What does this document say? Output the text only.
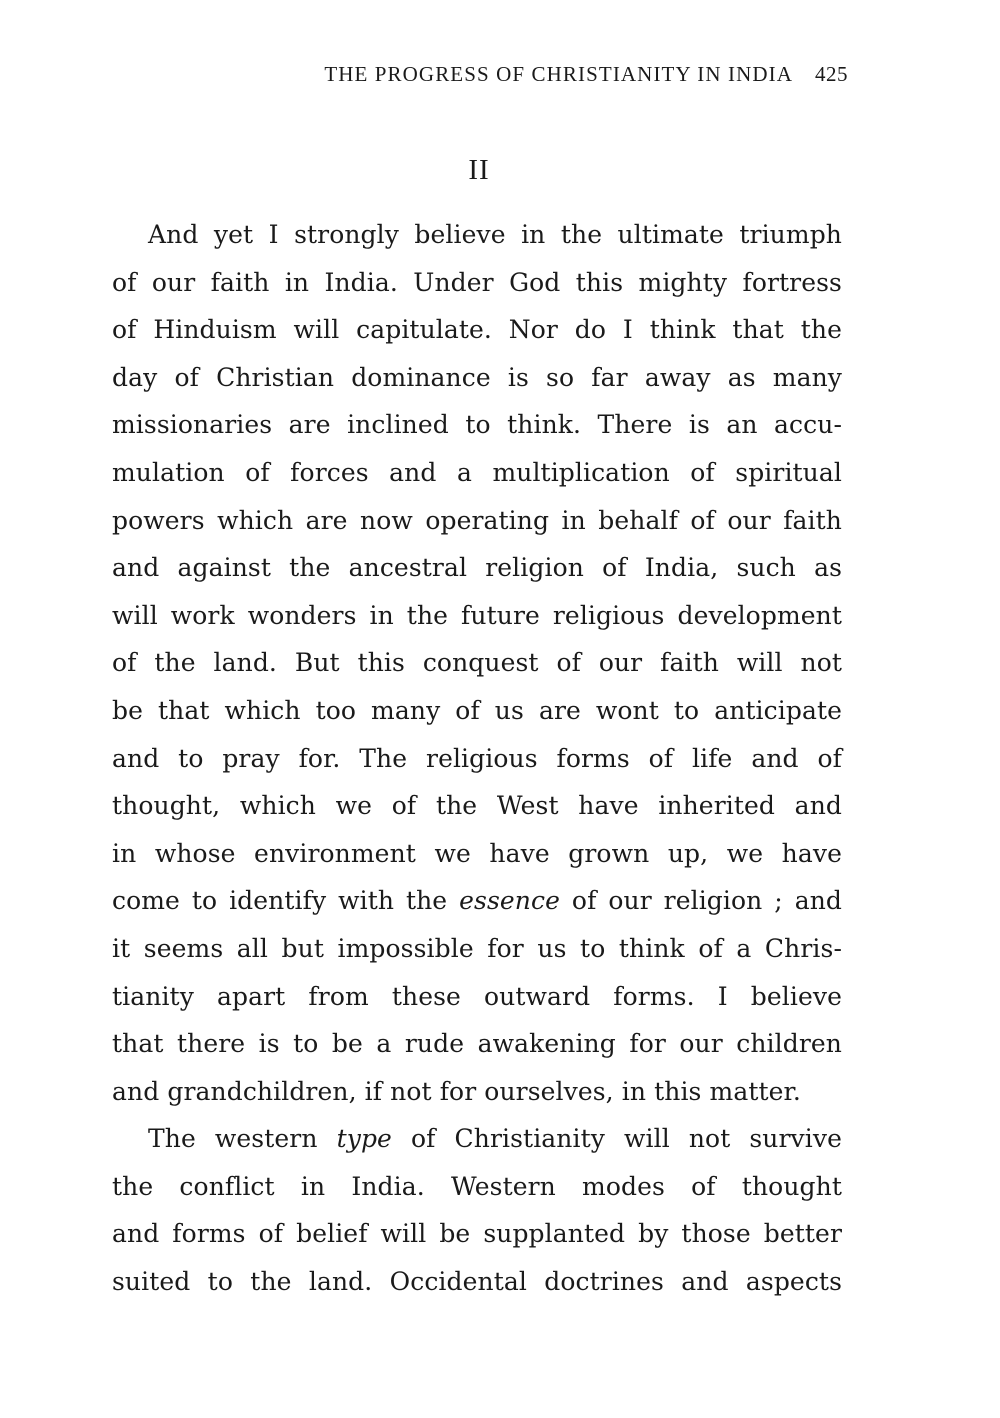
THE PROGRESS OF CHRISTIANITY IN INDIA 425
II
And yet I strongly believe in the ultimate triumph
of our faith in India. Under God this mighty fortress
of Hinduism will capitulate. Nor do I think that the
day of Christian dominance is so far away as many
missionaries are inclined to think. There is an accu-
mulation of forces and a multiplication of spiritual
powers which are now operating in behalf of our faith
and against the ancestral religion of India, such as
will work wonders in the future religious development
of the land. But this conquest of our faith will not
be that which too many of us are wont to anticipate
and to pray for. The religious forms of life and of
thought, which we of the West have inherited and
in whose environment we have grown up, we have
come to identify with the essence of our religion ; and
it seems all but impossible for us to think of a Chris-
tianity apart from these outward forms. I believe
that there is to be a rude awakening for our children
and grandchildren, if not for ourselves, in this matter.
The western type of Christianity will not survive
the conflict in India. Western modes of thought
and forms of belief will be supplanted by those better
suited to the land. Occidental doctrines and aspects
